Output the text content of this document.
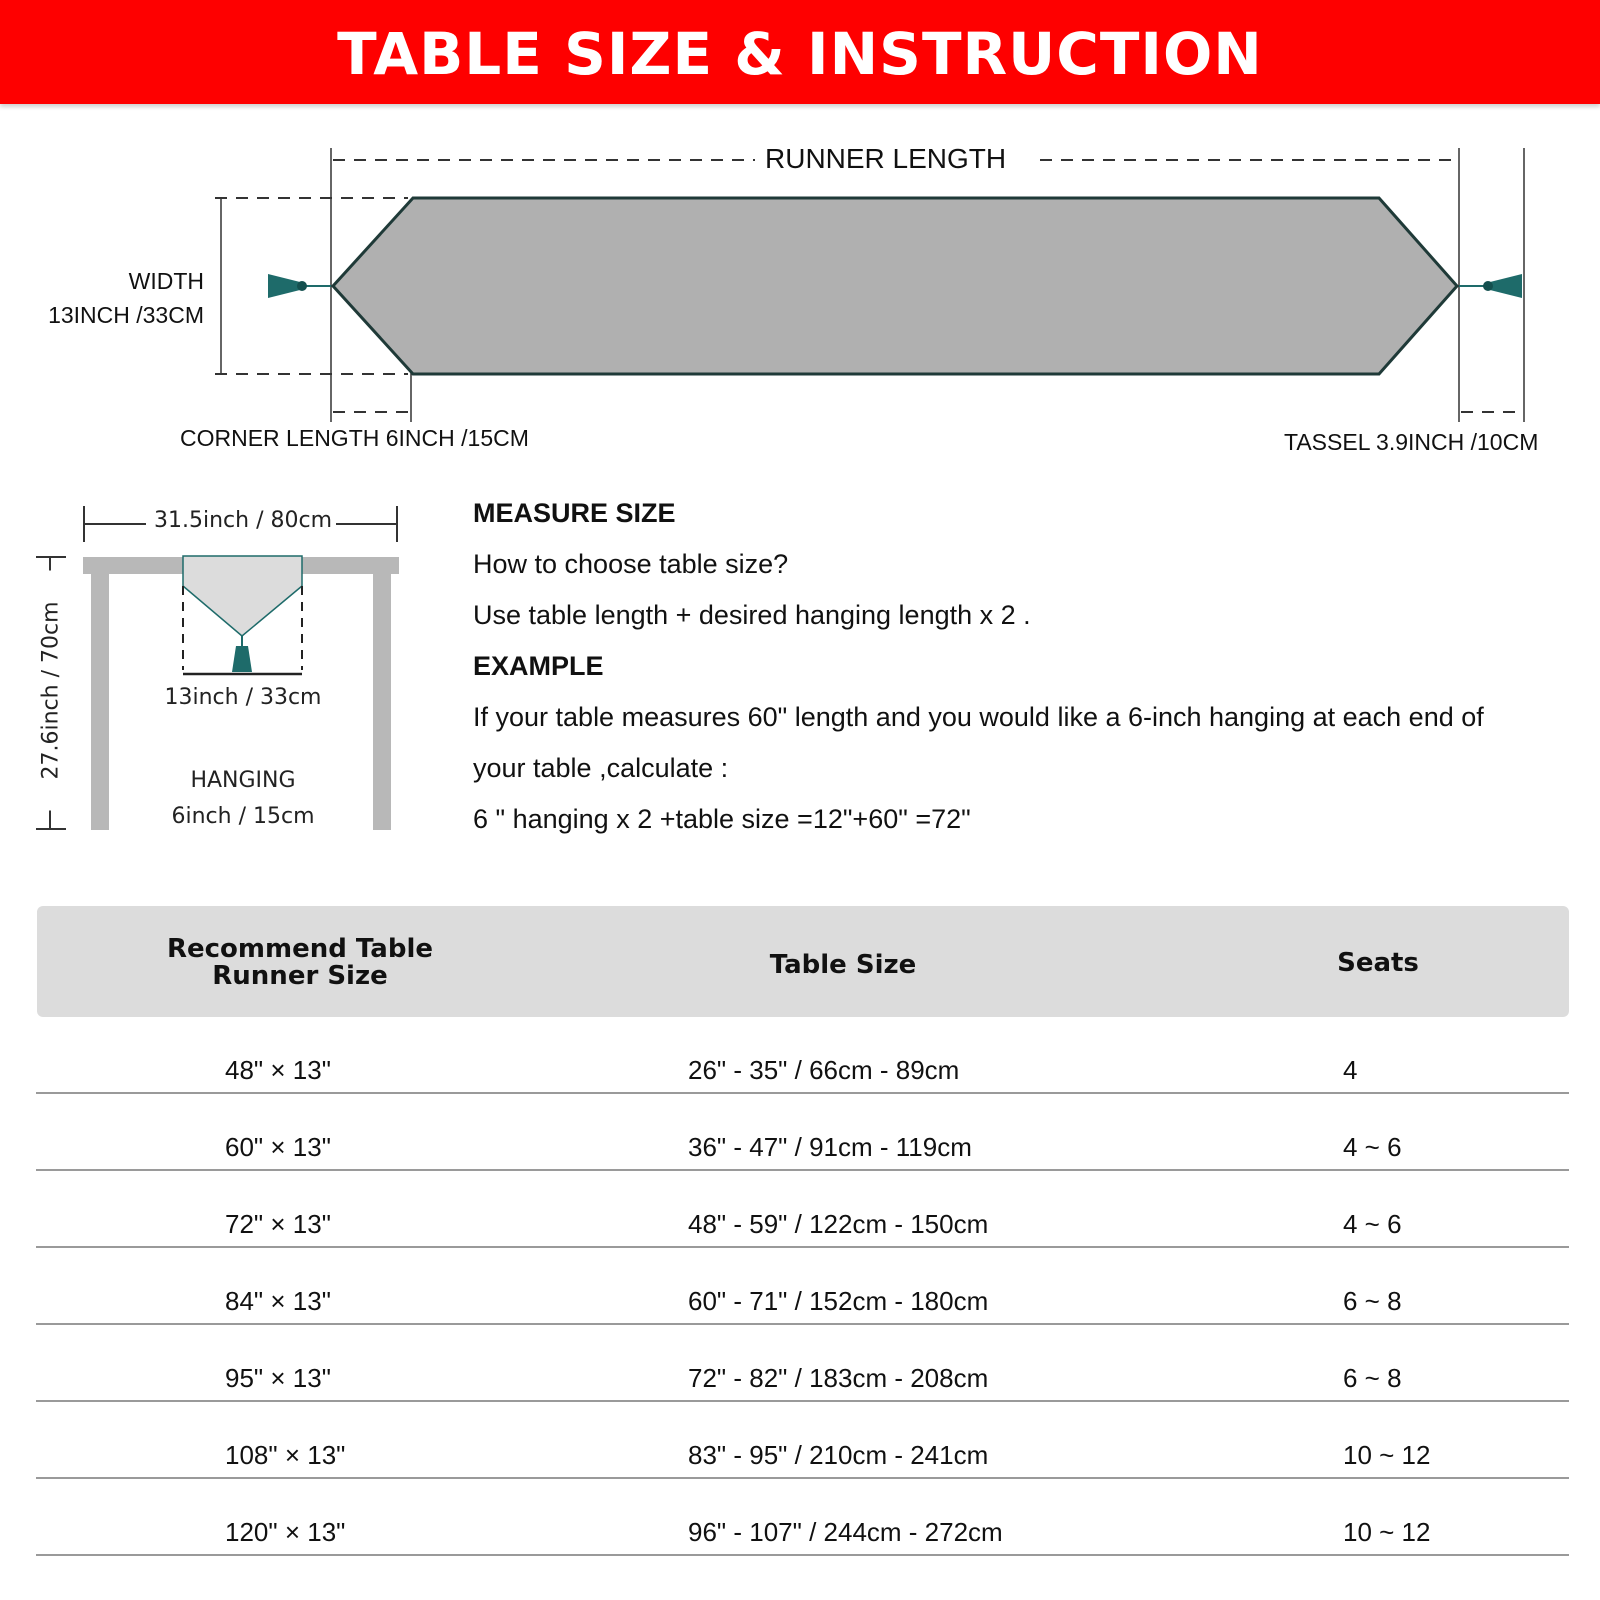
TABLE SIZE & INSTRUCTION
RUNNER LENGTH
WIDTH
13INCH /33CM
CORNER LENGTH 6INCH /15CM	TASSEL 3.9INCH /10CM
31.5inch / 80cm
27.6inch / 70cm	13inch / 33cm
HANGING
6inch / 15cm
MEASURE SIZE
How to choose table size?
Use table length + desired hanging length x 2 .
EXAMPLE
If your table measures 60" length and you would like a 6-inch hanging at each end of
your table ,calculate :
6 " hanging x 2 +table size =12"+60" =72"
Recommend Table
Runner Size	Table Size	Seats
48" × 13"	26" - 35" / 66cm - 89cm	4
60" × 13"	36" - 47" / 91cm - 119cm	4 ~ 6
72" × 13"	48" - 59" / 122cm - 150cm	4 ~ 6
84" × 13"	60" - 71" / 152cm - 180cm	6 ~ 8
95" × 13"	72" - 82" / 183cm - 208cm	6 ~ 8
108" × 13"	83" - 95" / 210cm - 241cm	10 ~ 12
120" × 13"	96" - 107" / 244cm - 272cm	10 ~ 12
